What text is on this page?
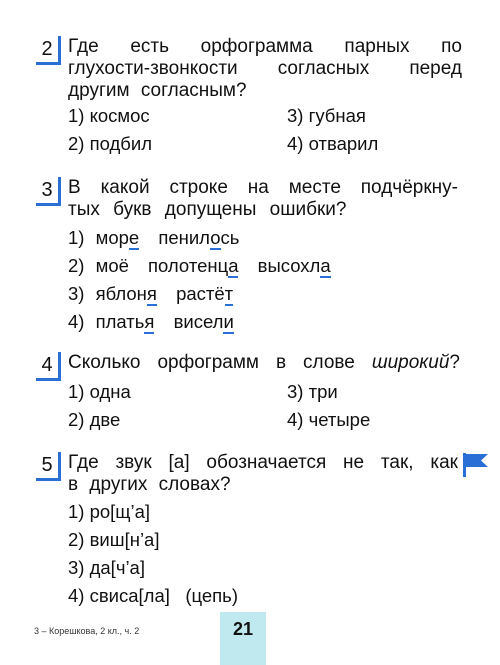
2 Где есть орфограмма парных по
глухости-звонкости согласных перед
другим согласным?
1) космос	3) губная
2) подбил	4) отварил
3 В какой строке на месте подчёркну-
тых букв допущены ошибки?
1) море пенилось
2) моё полотенца высохла
3) яблоня растёт
4) платья висели
4 Сколько орфограмм в слове широкий?
1) одна	3) три
2) две	4) четыре
5 Где звук [а] обозначается не так, как
в других словах?
1) ро[щ’а]
2) виш[н’а]
3) да[ч’а]
4) свиса[ла]   (цепь)
3 – Корешкова, 2 кл., ч. 2	21
